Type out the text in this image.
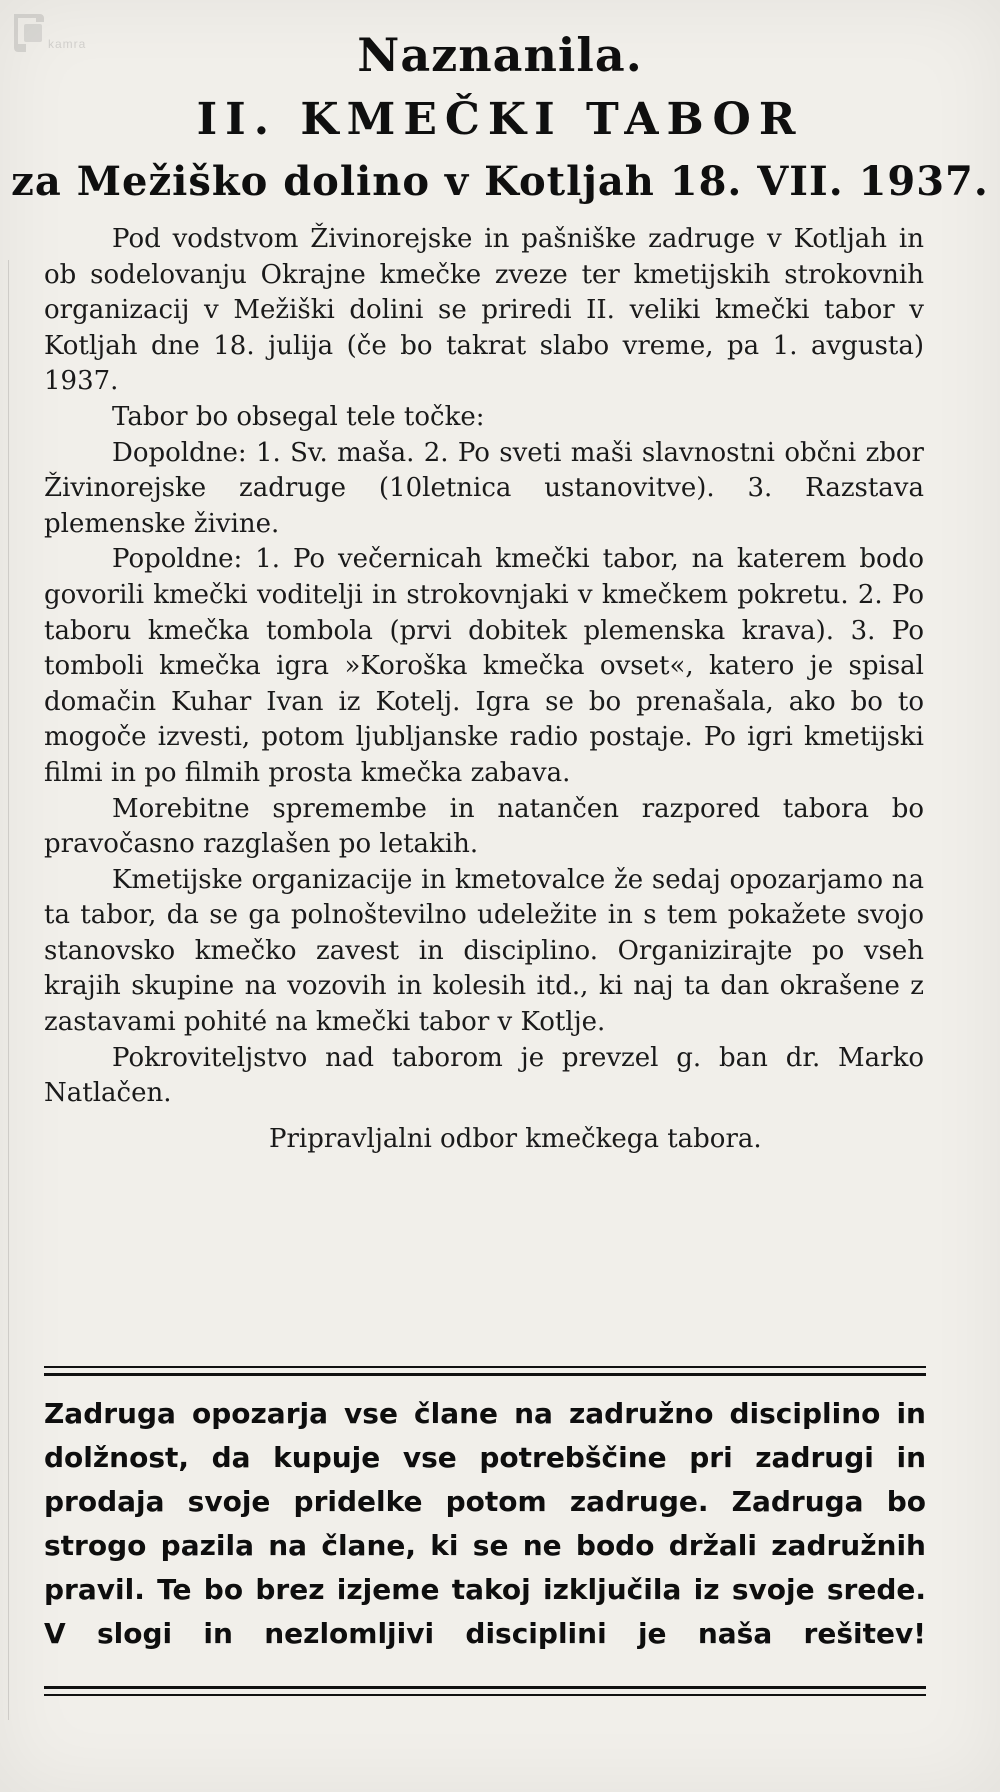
kamra	Naznanila.
II. KMEČKI TABOR
za Mežiško dolino v Kotljah 18. VII. 1937.

Pod vodstvom Živinorejske in pašniške zadruge v Kotljah in ob sodelovanju Okrajne kmečke zveze ter kmetijskih strokovnih organizacij v Mežiški dolini se priredi II. veliki kmečki tabor v Kotljah dne 18. julija (če bo takrat slabo vreme, pa 1. avgusta) 1937.

Tabor bo obsegal tele točke:

Dopoldne: 1. Sv. maša. 2. Po sveti maši slavnostni občni zbor Živinorejske zadruge (10letnica ustanovitve). 3. Razstava plemenske živine.

Popoldne: 1. Po večernicah kmečki tabor, na katerem bodo govorili kmečki voditelji in strokovnjaki v kmečkem pokretu. 2. Po taboru kmečka tombola (prvi dobitek plemenska krava). 3. Po tomboli kmečka igra »Koroška kmečka ovset«, katero je spisal domačin Kuhar Ivan iz Kotelj. Igra se bo prenašala, ako bo to mogoče izvesti, potom ljubljanske radio postaje. Po igri kmetijski filmi in po filmih prosta kmečka zabava.

Morebitne spremembe in natančen razpored tabora bo pravočasno razglašen po letakih.

Kmetijske organizacije in kmetovalce že sedaj opozarjamo na ta tabor, da se ga polnoštevilno udeležite in s tem pokažete svojo stanovsko kmečko zavest in disciplino. Organizirajte po vseh krajih skupine na vozovih in kolesih itd., ki naj ta dan okrašene z zastavami pohité na kmečki tabor v Kotlje.

Pokroviteljstvo nad taborom je prevzel g. ban dr. Marko Natlačen.

Pripravljalni odbor kmečkega tabora.

Zadruga opozarja vse člane na zadružno disciplino in dolžnost, da kupuje vse potrebščine pri zadrugi in prodaja svoje pridelke potom zadruge. Zadruga bo strogo pazila na člane, ki se ne bodo držali zadružnih pravil. Te bo brez izjeme takoj izključila iz svoje srede. V slogi in nezlomljivi disciplini je naša rešitev!
